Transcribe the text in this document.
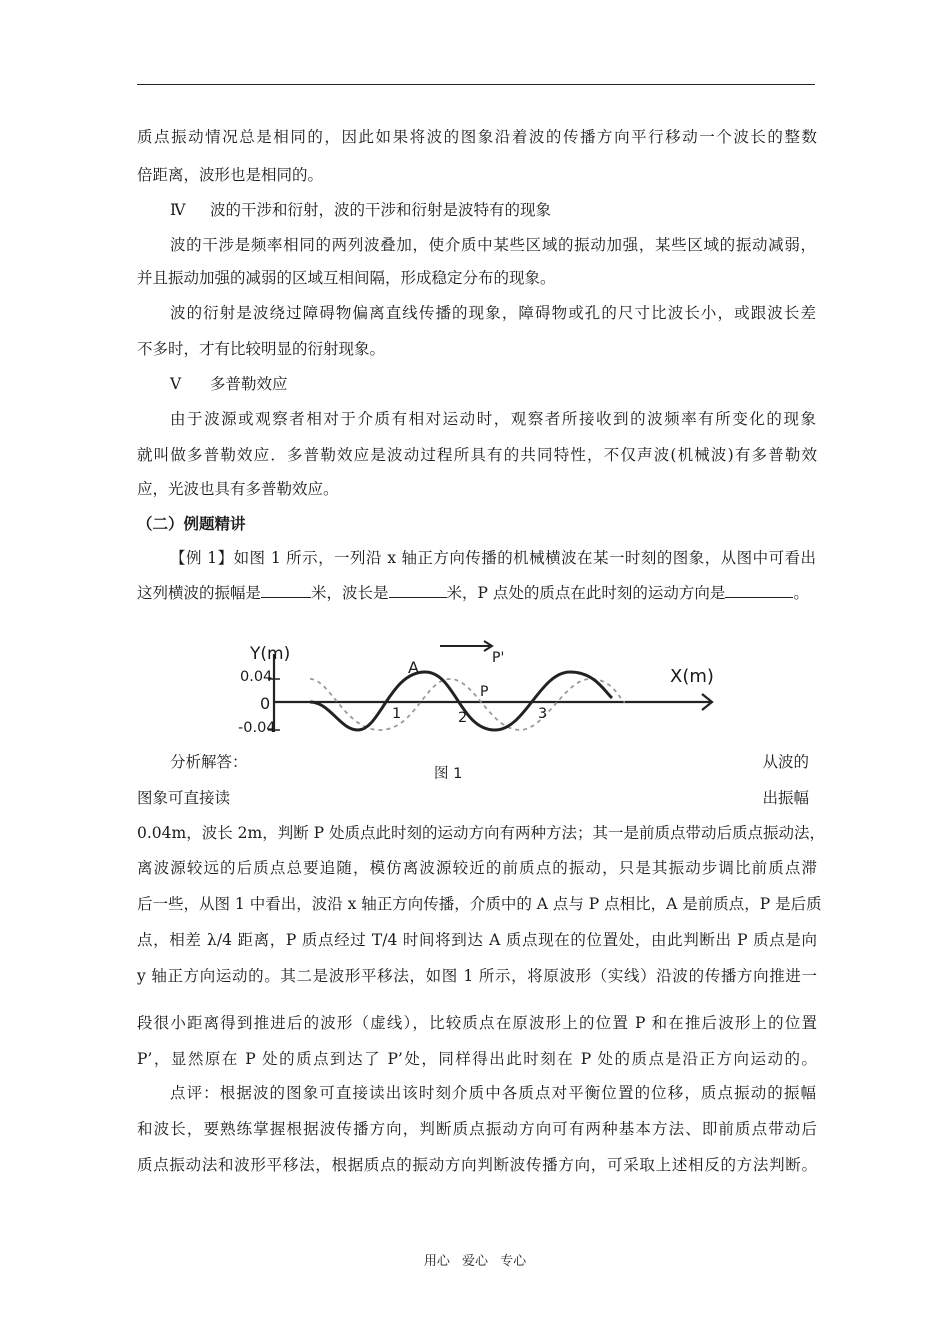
质点振动情况总是相同的，因此如果将波的图象沿着波的传播方向平行移动一个波长的整数
倍距离，波形也是相同的。
Ⅳ 波的干涉和衍射，波的干涉和衍射是波特有的现象
波的干涉是频率相同的两列波叠加，使介质中某些区域的振动加强，某些区域的振动减弱，
并且振动加强的减弱的区域互相间隔，形成稳定分布的现象。
波的衍射是波绕过障碍物偏离直线传播的现象，障碍物或孔的尺寸比波长小，或跟波长差
不多时，才有比较明显的衍射现象。
Ⅴ 多普勒效应
由于波源或观察者相对于介质有相对运动时，观察者所接收到的波频率有所变化的现象
就叫做多普勒效应．多普勒效应是波动过程所具有的共同特性，不仅声波(机械波)有多普勒效
应，光波也具有多普勒效应。
（二）例题精讲
【例 1】如图 1 所示，一列沿 x 轴正方向传播的机械横波在某一时刻的图象，从图中可看出
这列横波的振幅是	米，波长是	米，P 点处的质点在此时刻的运动方向是	。
Y(m)
X(m)
0.04
0
-0.04
A
P
P'
1	2	3
图 1
分析解答：	从波的
图象可直接读	出振幅
0.04m，波长 2m，判断 P 处质点此时刻的运动方向有两种方法；其一是前质点带动后质点振动法，
离波源较远的后质点总要追随，模仿离波源较近的前质点的振动，只是其振动步调比前质点滞
后一些，从图 1 中看出，波沿 x 轴正方向传播，介质中的 A 点与 P 点相比，A 是前质点，P 是后质
点，相差 λ/4 距离，P 质点经过 T/4 时间将到达 A 质点现在的位置处，由此判断出 P 质点是向
y 轴正方向运动的。其二是波形平移法，如图 1 所示，将原波形（实线）沿波的传播方向推进一
段很小距离得到推进后的波形（虚线），比较质点在原波形上的位置 P 和在推后波形上的位置
P’，显然原在 P 处的质点到达了 P’处，同样得出此时刻在 P 处的质点是沿正方向运动的。
点评：根据波的图象可直接读出该时刻介质中各质点对平衡位置的位移，质点振动的振幅
和波长，要熟练掌握根据波传播方向，判断质点振动方向可有两种基本方法、即前质点带动后
质点振动法和波形平移法，根据质点的振动方向判断波传播方向，可采取上述相反的方法判断。
用心 爱心 专心
